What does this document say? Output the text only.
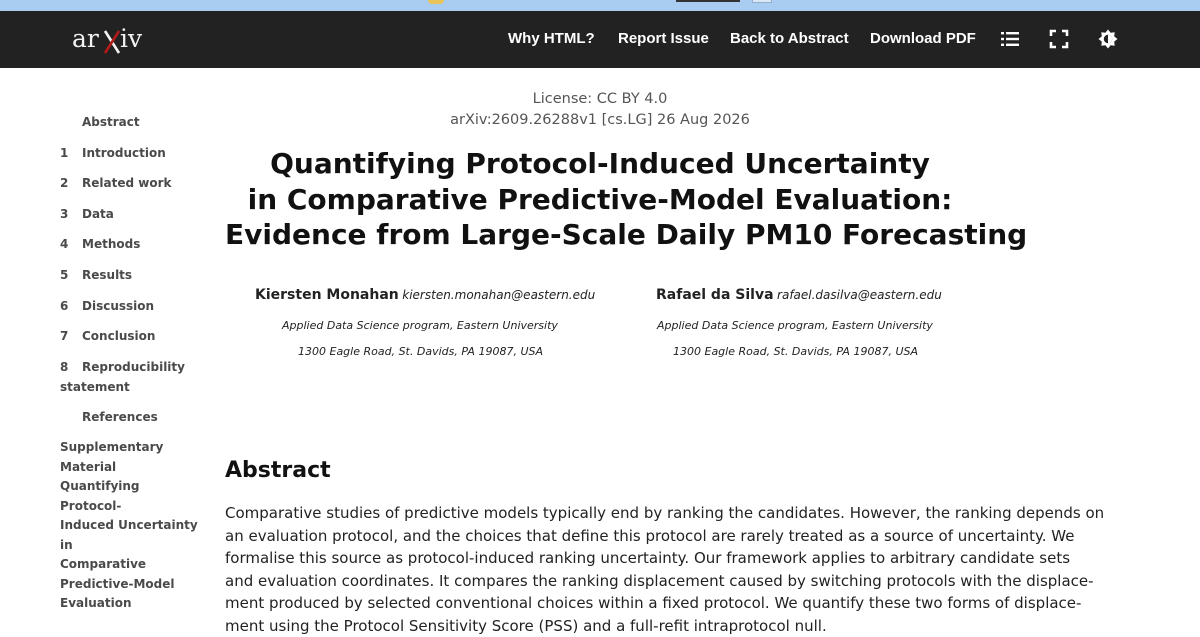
ar iv	Why HTML? Report Issue Back to Abstract Download PDF
Abstract
1 Introduction
2 Related work
3 Data
4 Methods
5 Results
6 Discussion
7 Conclusion
8 Reproducibility
statement
References
Supplementary
Material
Quantifying Protocol-
Induced Uncertainty in
Comparative
Predictive-Model
Evaluation
License: CC BY 4.0
arXiv:2609.26288v1 [cs.LG] 26 Aug 2026
Quantifying Protocol-Induced Uncertainty
in Comparative Predictive-Model Evaluation:
Evidence from Large-Scale Daily PM10 Forecasting
Kiersten Monahan kiersten.monahan@eastern.edu
Applied Data Science program, Eastern University
1300 Eagle Road, St. Davids, PA 19087, USA
Rafael da Silva rafael.dasilva@eastern.edu
Applied Data Science program, Eastern University
1300 Eagle Road, St. Davids, PA 19087, USA
Abstract
Comparative studies of predictive models typically end by ranking the candidates. However, the ranking depends on
an evaluation protocol, and the choices that define this protocol are rarely treated as a source of uncertainty. We
formalise this source as protocol-induced ranking uncertainty. Our framework applies to arbitrary candidate sets
and evaluation coordinates. It compares the ranking displacement caused by switching protocols with the displace-
ment produced by selected conventional choices within a fixed protocol. We quantify these two forms of displace-
ment using the Protocol Sensitivity Score (PSS) and a full-refit intraprotocol null.
